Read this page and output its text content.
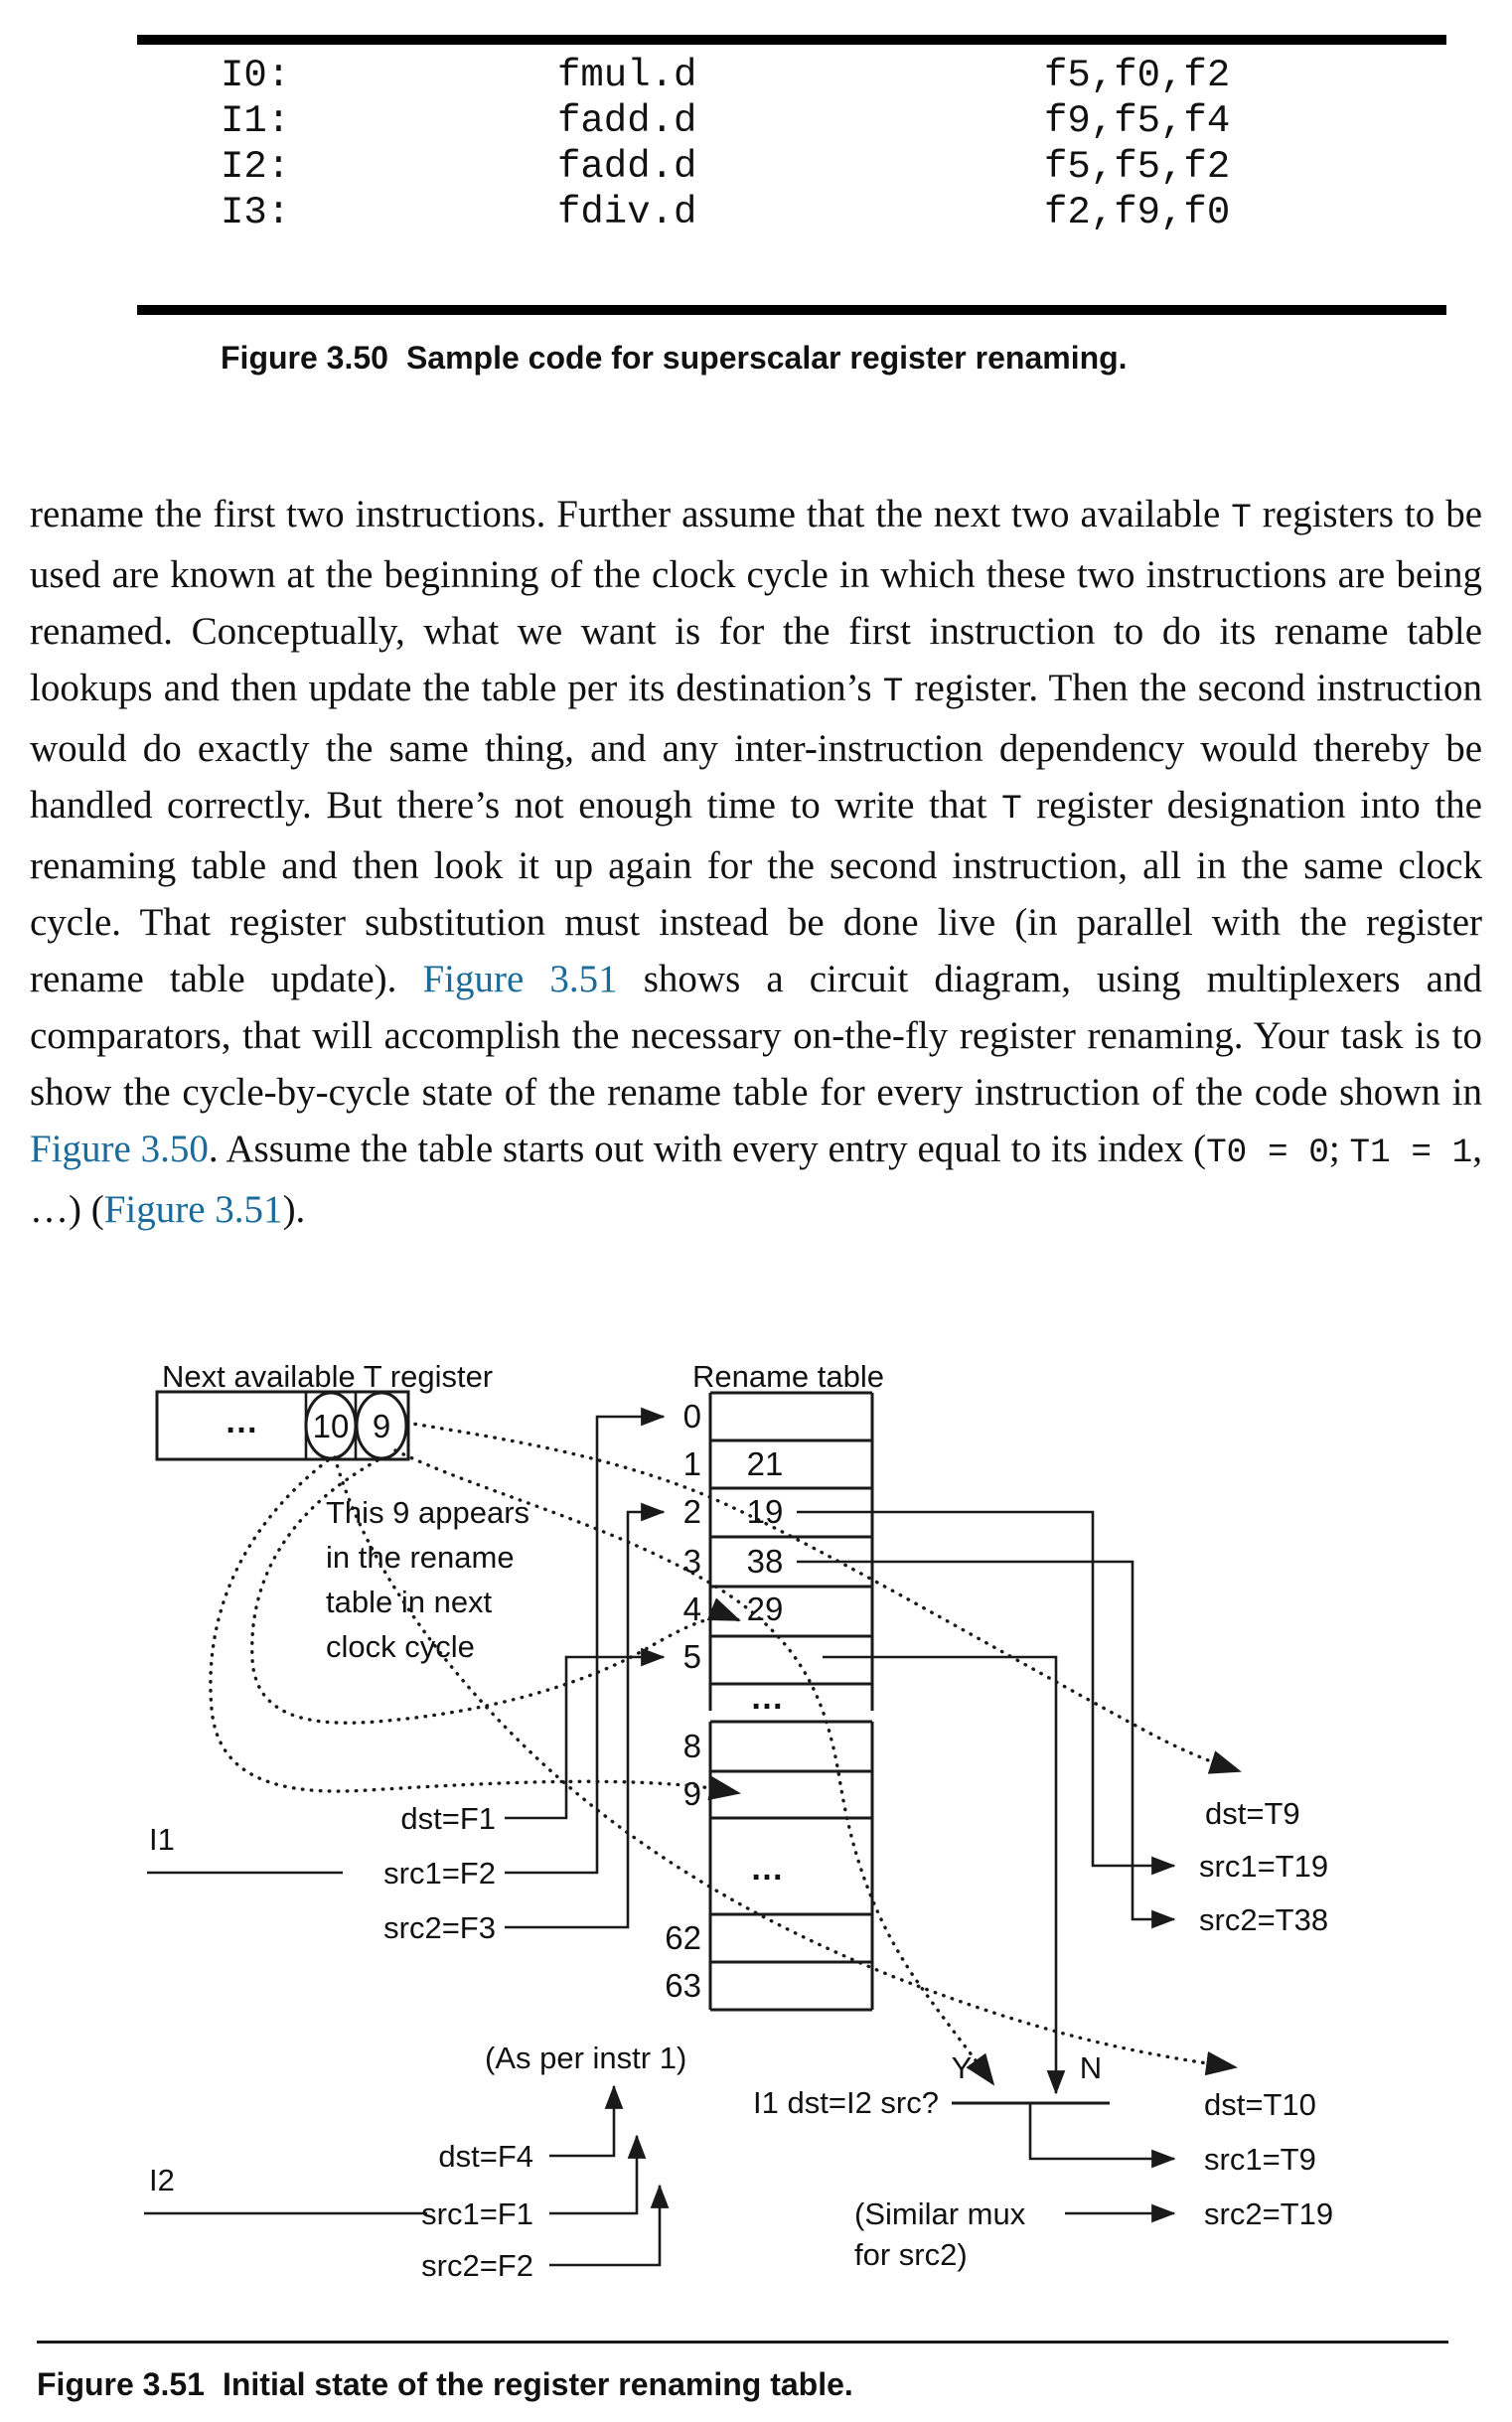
I0:	fmul.d	f5,f0,f2
I1:	fadd.d	f9,f5,f4
I2:	fadd.d	f5,f5,f2
I3:	fdiv.d	f2,f9,f0
Figure 3.50 Sample code for superscalar register renaming.
rename the first two instructions. Further assume that the next two available T registers to be used are known at the beginning of the clock cycle in which these two instructions are being renamed. Conceptually, what we want is for the first instruction to do its rename table lookups and then update the table per its destination’s T register. Then the second instruction would do exactly the same thing, and any inter-instruction dependency would thereby be handled correctly. But there’s not enough time to write that T register designation into the renaming table and then look it up again for the second instruction, all in the same clock cycle. That register substitution must instead be done live (in parallel with the register rename table update). Figure 3.51 shows a circuit diagram, using multiplexers and comparators, that will accomplish the necessary on-the-fly register renaming. Your task is to show the cycle-by-cycle state of the rename table for every instruction of the code shown in Figure 3.50. Assume the table starts out with every entry equal to its index (T0 = 0; T1 = 1, …) (Figure 3.51).
Next available T register	Rename table
10 9
…
This 9 appears
in the rename
table in next
clock cycle
…
…
0
1
2
3
4
5
8
9
62
63
21
19
38
29
I1
dst=F1
src1=F2
src2=F3
dst=T9
src1=T19
src2=T38
Y	N
I1 dst=I2 src?	dst=T10
src1=T9
src2=T19
(Similar mux
for src2)
(As per instr 1)
I2
dst=F4
src1=F1
src2=F2
Figure 3.51 Initial state of the register renaming table.
